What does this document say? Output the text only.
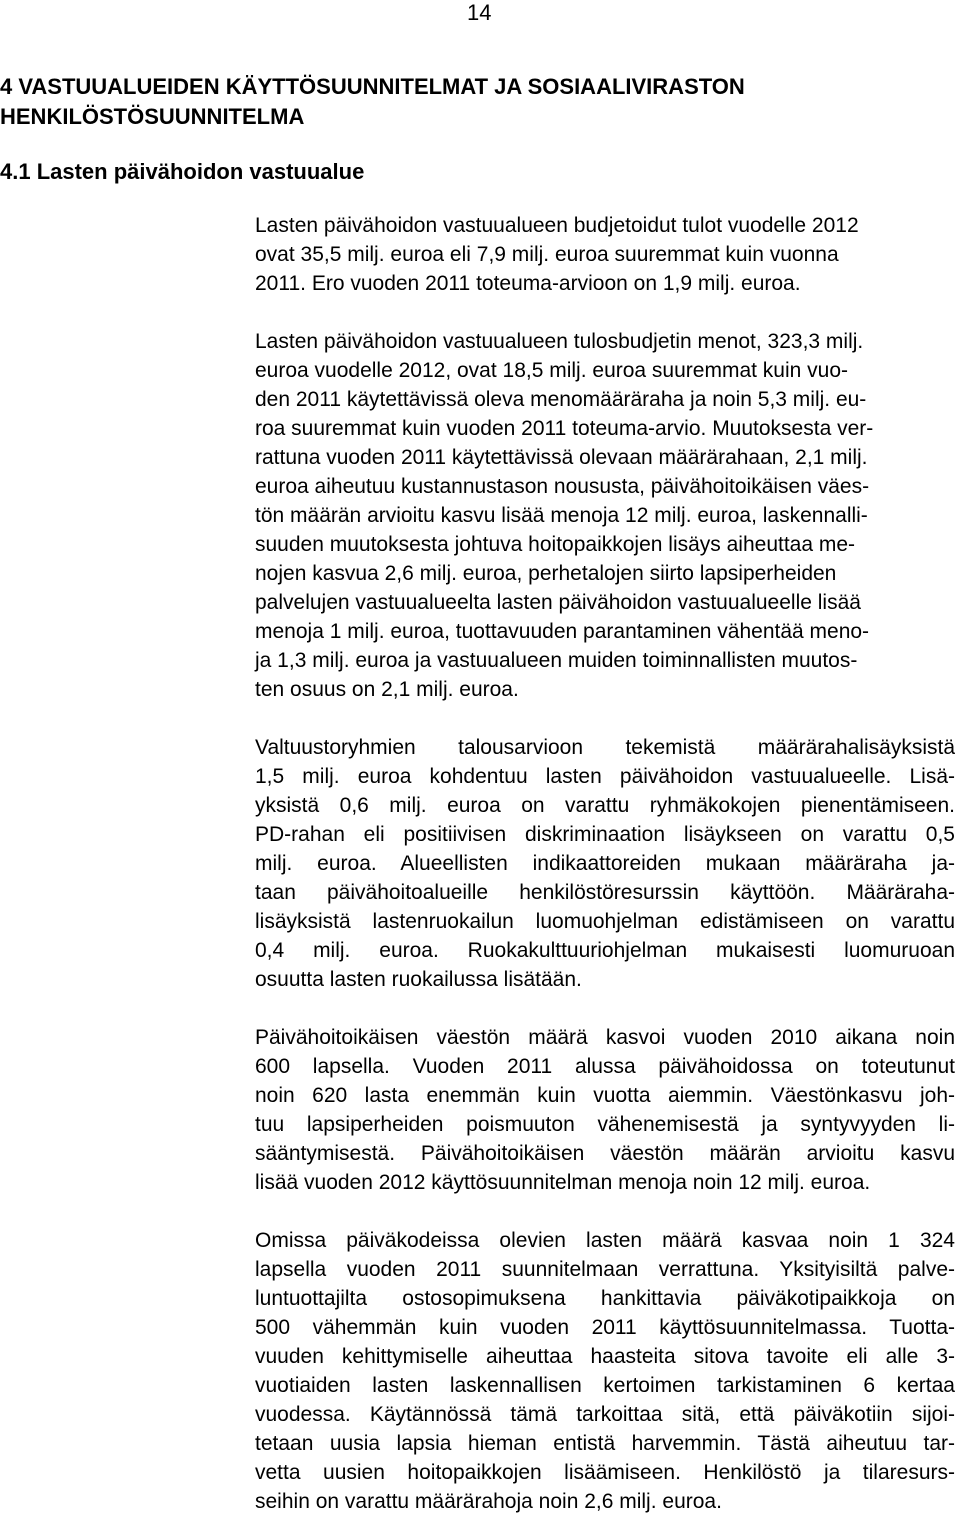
14
4 VASTUUALUEIDEN KÄYTTÖSUUNNITELMAT JA SOSIAALIVIRASTON
HENKILÖSTÖSUUNNITELMA
4.1 Lasten päivähoidon vastuualue
Lasten päivähoidon vastuualueen budjetoidut tulot vuodelle 2012
ovat 35,5 milj. euroa eli 7,9 milj. euroa suuremmat kuin vuonna
2011. Ero vuoden 2011 toteuma-arvioon on 1,9 milj. euroa.
Lasten päivähoidon vastuualueen tulosbudjetin menot, 323,3 milj.
euroa vuodelle 2012, ovat 18,5 milj. euroa suuremmat kuin vuo-
den 2011 käytettävissä oleva menomääräraha ja noin 5,3 milj. eu-
roa suuremmat kuin vuoden 2011 toteuma-arvio. Muutoksesta ver-
rattuna vuoden 2011 käytettävissä olevaan määrärahaan, 2,1 milj.
euroa aiheutuu kustannustason noususta, päivähoitoikäisen väes-
tön määrän arvioitu kasvu lisää menoja 12 milj. euroa, laskennalli-
suuden muutoksesta johtuva hoitopaikkojen lisäys aiheuttaa me-
nojen kasvua 2,6 milj. euroa, perhetalojen siirto lapsiperheiden
palvelujen vastuualueelta lasten päivähoidon vastuualueelle lisää
menoja 1 milj. euroa, tuottavuuden parantaminen vähentää meno-
ja 1,3 milj. euroa ja vastuualueen muiden toiminnallisten muutos-
ten osuus on 2,1 milj. euroa.
Valtuustoryhmien talousarvioon tekemistä määrärahalisäyksistä
1,5 milj. euroa kohdentuu lasten päivähoidon vastuualueelle. Lisä-
yksistä 0,6 milj. euroa on varattu ryhmäkokojen pienentämiseen.
PD-rahan eli positiivisen diskriminaation lisäykseen on varattu 0,5
milj. euroa. Alueellisten indikaattoreiden mukaan määräraha ja-
taan päivähoitoalueille henkilöstöresurssin käyttöön. Määräraha-
lisäyksistä lastenruokailun luomuohjelman edistämiseen on varattu
0,4 milj. euroa. Ruokakulttuuriohjelman mukaisesti luomuruoan
osuutta lasten ruokailussa lisätään.
Päivähoitoikäisen väestön määrä kasvoi vuoden 2010 aikana noin
600 lapsella. Vuoden 2011 alussa päivähoidossa on toteutunut
noin 620 lasta enemmän kuin vuotta aiemmin. Väestönkasvu joh-
tuu lapsiperheiden poismuuton vähenemisestä ja syntyvyyden li-
sääntymisestä. Päivähoitoikäisen väestön määrän arvioitu kasvu
lisää vuoden 2012 käyttösuunnitelman menoja noin 12 milj. euroa.
Omissa päiväkodeissa olevien lasten määrä kasvaa noin 1 324
lapsella vuoden 2011 suunnitelmaan verrattuna. Yksityisiltä palve-
luntuottajilta ostosopimuksena hankittavia päiväkotipaikkoja on
500 vähemmän kuin vuoden 2011 käyttösuunnitelmassa. Tuotta-
vuuden kehittymiselle aiheuttaa haasteita sitova tavoite eli alle 3-
vuotiaiden lasten laskennallisen kertoimen tarkistaminen 6 kertaa
vuodessa. Käytännössä tämä tarkoittaa sitä, että päiväkotiin sijoi-
tetaan uusia lapsia hieman entistä harvemmin. Tästä aiheutuu tar-
vetta uusien hoitopaikkojen lisäämiseen. Henkilöstö ja tilaresurs-
seihin on varattu määrärahoja noin 2,6 milj. euroa.
